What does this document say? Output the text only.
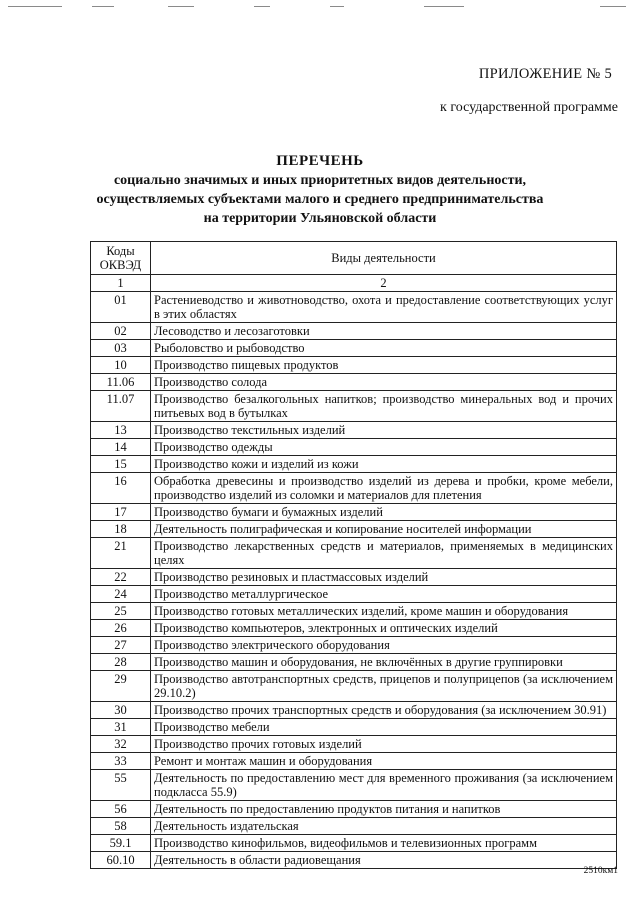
ПРИЛОЖЕНИЕ № 5
к государственной программе
ПЕРЕЧЕНЬ
социально значимых и иных приоритетных видов деятельности,
осуществляемых субъектами малого и среднего предпринимательства
на территории Ульяновской области
Коды ОКВЭД	Виды деятельности
1	2
01	Растениеводство и животноводство, охота и предоставление соответствующих услуг в этих областях
02	Лесоводство и лесозаготовки
03	Рыболовство и рыбоводство
10	Производство пищевых продуктов
11.06	Производство солода
11.07	Производство безалкогольных напитков; производство минеральных вод и прочих питьевых вод в бутылках
13	Производство текстильных изделий
14	Производство одежды
15	Производство кожи и изделий из кожи
16	Обработка древесины и производство изделий из дерева и пробки, кроме мебели, производство изделий из соломки и материалов для плетения
17	Производство бумаги и бумажных изделий
18	Деятельность полиграфическая и копирование носителей информации
21	Производство лекарственных средств и материалов, применяемых в медицинских целях
22	Производство резиновых и пластмассовых изделий
24	Производство металлургическое
25	Производство готовых металлических изделий, кроме машин и оборудования
26	Производство компьютеров, электронных и оптических изделий
27	Производство электрического оборудования
28	Производство машин и оборудования, не включённых в другие группировки
29	Производство автотранспортных средств, прицепов и полуприцепов (за исключением 29.10.2)
30	Производство прочих транспортных средств и оборудования (за исключением 30.91)
31	Производство мебели
32	Производство прочих готовых изделий
33	Ремонт и монтаж машин и оборудования
55	Деятельность по предоставлению мест для временного проживания (за исключением подкласса 55.9)
56	Деятельность по предоставлению продуктов питания и напитков
58	Деятельность издательская
59.1	Производство кинофильмов, видеофильмов и телевизионных программ
60.10	Деятельность в области радиовещания
2510км1
